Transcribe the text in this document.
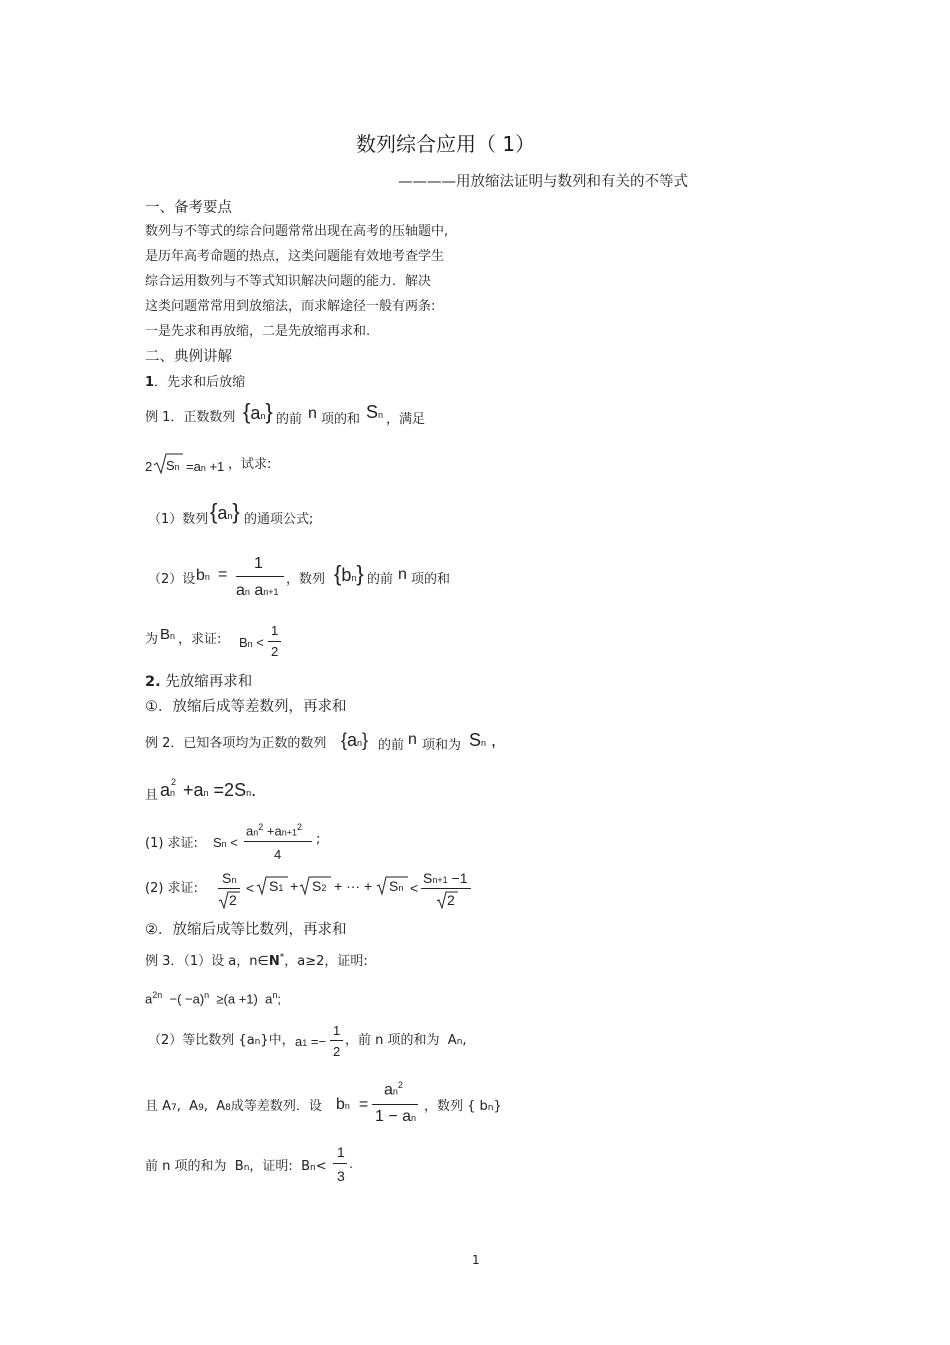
数列综合应用（ 1）
————用放缩法证明与数列和有关的不等式
一、备考要点
数列与不等式的综合问题常常出现在高考的压轴题中,
是历年高考命题的热点，这类问题能有效地考查学生
综合运用数列与不等式知识解决问题的能力．解决
这类问题常常用到放缩法，而求解途径一般有两条:
一是先求和再放缩，二是先放缩再求和.
二、典例讲解
1．先求和后放缩
例 1．正数数列 {an} 的前 n 项的和 Sn ，满足
2 Sn =an +1 ，试求:
（1）数列 {an} 的通项公式;
（2）设 bn =
1
an an+1
，数列 {bn} 的前 n 项的和
为 Bn ，求证: Bn <
1
2
2. 先放缩再求和
①．放缩后成等差数列，再求和
例 2．已知各项均为正数的数列 {an} 的前 n 项和为 Sn ,
且 an
2 +an =2Sn.
(1) 求证: Sn <
$an^2 +an+1^2$
4
;
(2) 求证:
Sn
2
< S1 + S2 + ··· + Sn <
Sn+1 −1
2
②．放缩后成等比数列，再求和
例 3．（1）设 a，n∈N*，a≥2，证明:
$a^{2n}$  −( −a)$^n$  ≥(a +1)  $a^n$;
（2）等比数列 {an}中， a1 =−
1
2
，前 n 项的和为  An,
且 A7,  A9,  A8成等差数列．设 bn  =
$an^2$
1 − an
，数列 { bn}
前 n 项的和为  Bn，证明:  Bn<
1
3
.
1
